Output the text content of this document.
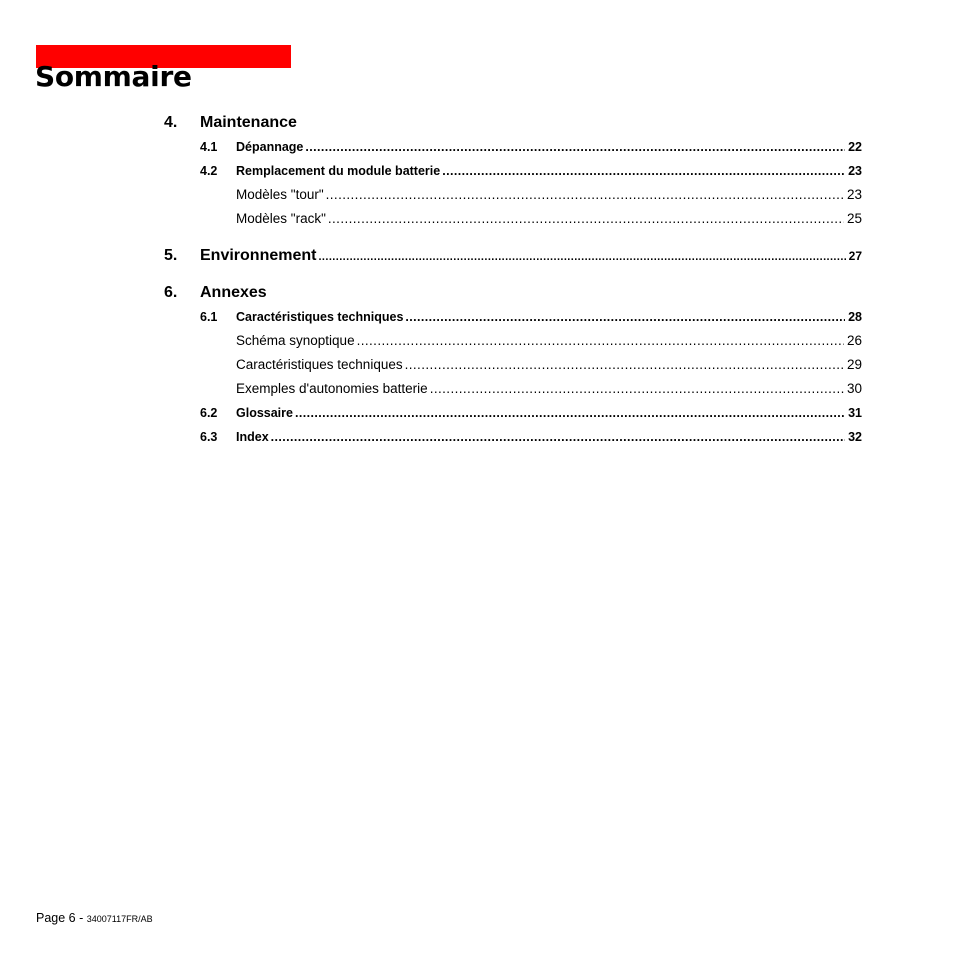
Sommaire
4.	Maintenance
4.1	Dépannage .....	22
4.2	Remplacement du module batterie .....	23
Modèles "tour" .....	23
Modèles "rack" .....	25
5.	Environnement .....	27
6.	Annexes
6.1	Caractéristiques techniques .....	28
Schéma synoptique .....	26
Caractéristiques techniques .....	29
Exemples d'autonomies batterie .....	30
6.2	Glossaire .....	31
6.3	Index .....	32
Page 6 - 34007117FR/AB
